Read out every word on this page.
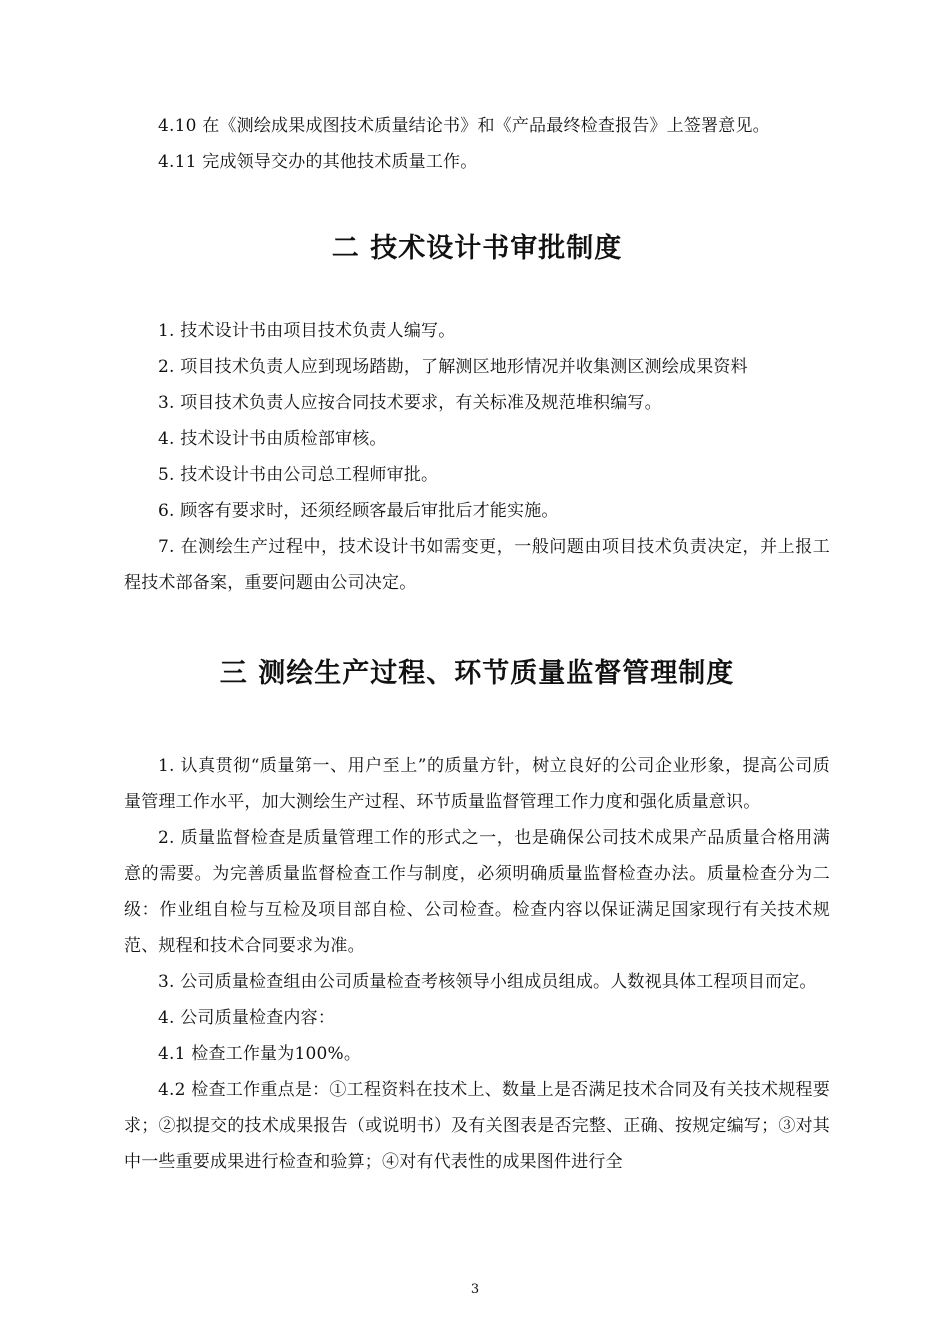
4.10 在《测绘成果成图技术质量结论书》和《产品最终检查报告》上签署意见。

4.11 完成领导交办的其他技术质量工作。

二 技术设计书审批制度

1. 技术设计书由项目技术负责人编写。

2. 项目技术负责人应到现场踏勘，了解测区地形情况并收集测区测绘成果资料

3. 项目技术负责人应按合同技术要求，有关标准及规范堆积编写。

4. 技术设计书由质检部审核。

5. 技术设计书由公司总工程师审批。

6. 顾客有要求时，还须经顾客最后审批后才能实施。

7. 在测绘生产过程中，技术设计书如需变更，一般问题由项目技术负责决定，并上报工程技术部备案，重要问题由公司决定。

三 测绘生产过程、环节质量监督管理制度

1. 认真贯彻“质量第一、用户至上”的质量方针，树立良好的公司企业形象，提高公司质量管理工作水平，加大测绘生产过程、环节质量监督管理工作力度和强化质量意识。

2. 质量监督检查是质量管理工作的形式之一，也是确保公司技术成果产品质量合格用满意的需要。为完善质量监督检查工作与制度，必须明确质量监督检查办法。质量检查分为二级：作业组自检与互检及项目部自检、公司检查。检查内容以保证满足国家现行有关技术规范、规程和技术合同要求为准。

3. 公司质量检查组由公司质量检查考核领导小组成员组成。人数视具体工程项目而定。

4. 公司质量检查内容：

4.1 检查工作量为100%。

4.2 检查工作重点是：①工程资料在技术上、数量上是否满足技术合同及有关技术规程要求；②拟提交的技术成果报告（或说明书）及有关图表是否完整、正确、按规定编写；③对其中一些重要成果进行检查和验算；④对有代表性的成果图件进行全

3
